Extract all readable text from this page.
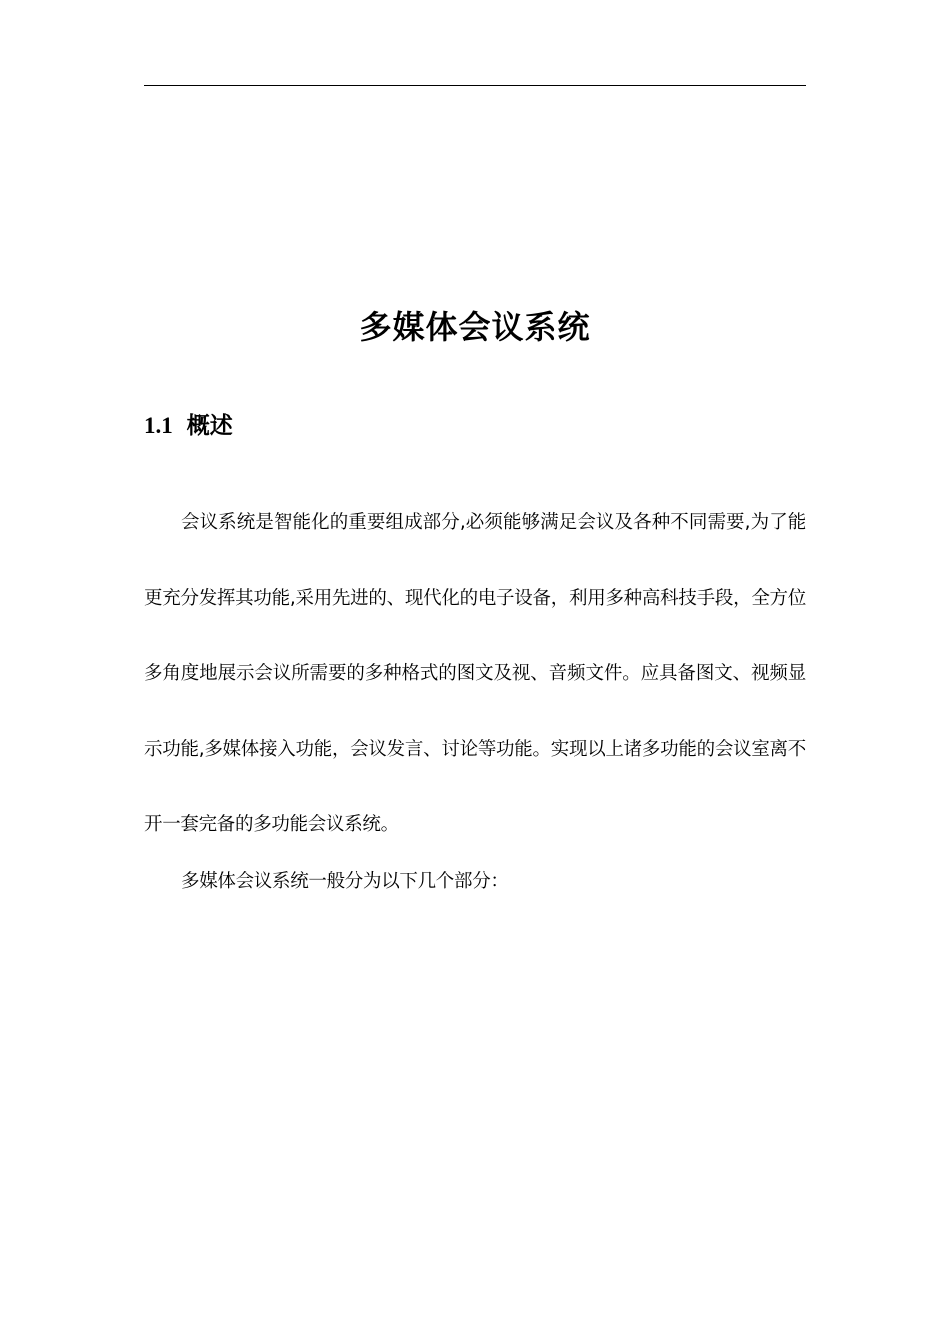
多媒体会议系统
1.1 概述

会议系统是智能化的重要组成部分,必须能够满足会议及各种不同需要,为了能更充分发挥其功能,采用先进的、现代化的电子设备，利用多种高科技手段，全方位多角度地展示会议所需要的多种格式的图文及视、音频文件。应具备图文、视频显示功能,多媒体接入功能，会议发言、讨论等功能。实现以上诸多功能的会议室离不开一套完备的多功能会议系统。

多媒体会议系统一般分为以下几个部分：
